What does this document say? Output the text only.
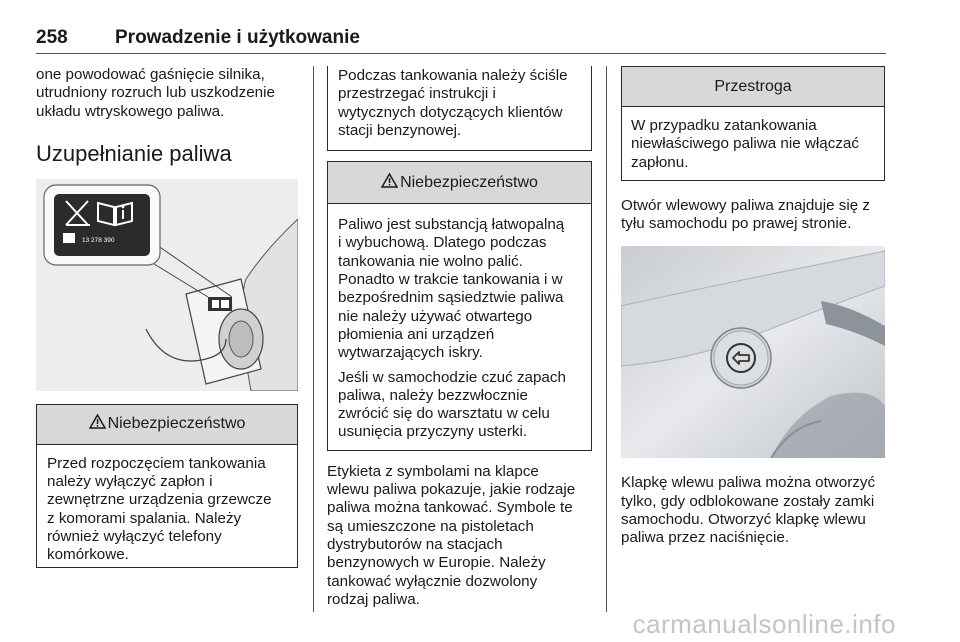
258 Prowadzenie i użytkowanie

one powodować gaśnięcie silnika,
utrudniony rozruch lub uszkodzenie
układu wtryskowego paliwa.

Uzupełnianie paliwa
13 278 390
Niebezpieczeństwo

Przed rozpoczęciem tankowania
należy wyłączyć zapłon i
zewnętrzne urządzenia grzewcze
z komorami spalania. Należy
również wyłączyć telefony
komórkowe.

Podczas tankowania należy ściśle
przestrzegać instrukcji i
wytycznych dotyczących klientów
stacji benzynowej.

Niebezpieczeństwo

Paliwo jest substancją łatwopalną
i wybuchową. Dlatego podczas
tankowania nie wolno palić.
Ponadto w trakcie tankowania i w
bezpośrednim sąsiedztwie paliwa
nie należy używać otwartego
płomienia ani urządzeń
wytwarzających iskry.

Jeśli w samochodzie czuć zapach
paliwa, należy bezzwłocznie
zwrócić się do warsztatu w celu
usunięcia przyczyny usterki.

Etykieta z symbolami na klapce
wlewu paliwa pokazuje, jakie rodzaje
paliwa można tankować. Symbole te
są umieszczone na pistoletach
dystrybutorów na stacjach
benzynowych w Europie. Należy
tankować wyłącznie dozwolony
rodzaj paliwa.

Przestroga

W przypadku zatankowania
niewłaściwego paliwa nie włączać
zapłonu.

Otwór wlewowy paliwa znajduje się z
tyłu samochodu po prawej stronie.

Klapkę wlewu paliwa można otworzyć
tylko, gdy odblokowane zostały zamki
samochodu. Otworzyć klapkę wlewu
paliwa przez naciśnięcie.

carmanualsonline.info
